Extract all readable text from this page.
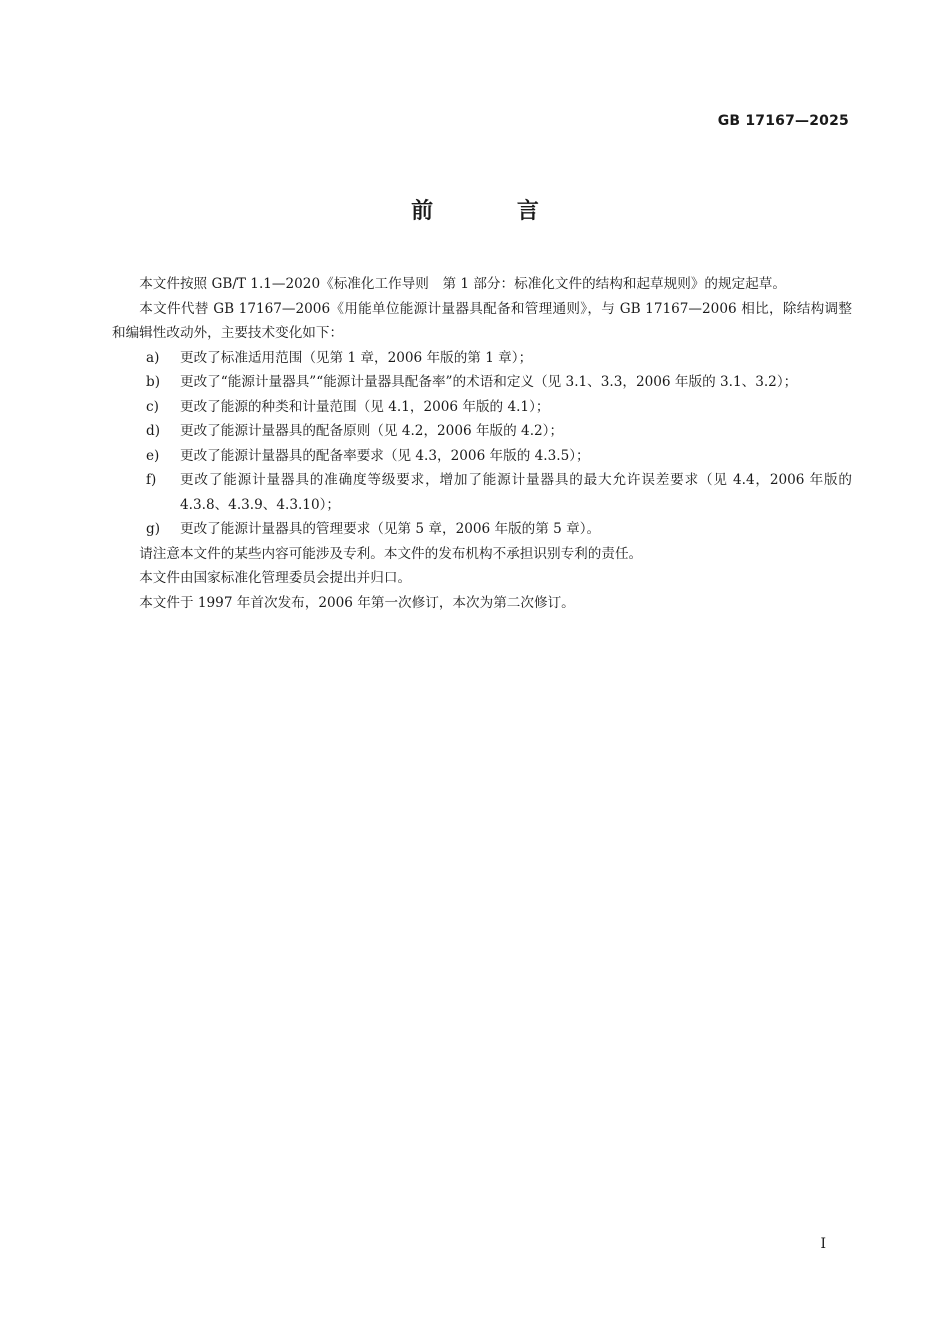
GB 17167—2025
前 言

本文件按照 GB/T 1.1—2020《标准化工作导则　第 1 部分：标准化文件的结构和起草规则》的规定起草。

本文件代替 GB 17167—2006《用能单位能源计量器具配备和管理通则》，与 GB 17167—2006 相比，除结构调整和编辑性改动外，主要技术变化如下：

a) 更改了标准适用范围（见第 1 章，2006 年版的第 1 章）；
b) 更改了“能源计量器具”“能源计量器具配备率”的术语和定义（见 3.1、3.3，2006 年版的 3.1、3.2）；
c) 更改了能源的种类和计量范围（见 4.1，2006 年版的 4.1）；
d) 更改了能源计量器具的配备原则（见 4.2，2006 年版的 4.2）；
e) 更改了能源计量器具的配备率要求（见 4.3，2006 年版的 4.3.5）；
f) 更改了能源计量器具的准确度等级要求，增加了能源计量器具的最大允许误差要求（见 4.4，2006 年版的 4.3.8、4.3.9、4.3.10）；
g) 更改了能源计量器具的管理要求（见第 5 章，2006 年版的第 5 章）。

请注意本文件的某些内容可能涉及专利。本文件的发布机构不承担识别专利的责任。

本文件由国家标准化管理委员会提出并归口。

本文件于 1997 年首次发布，2006 年第一次修订，本次为第二次修订。

I
